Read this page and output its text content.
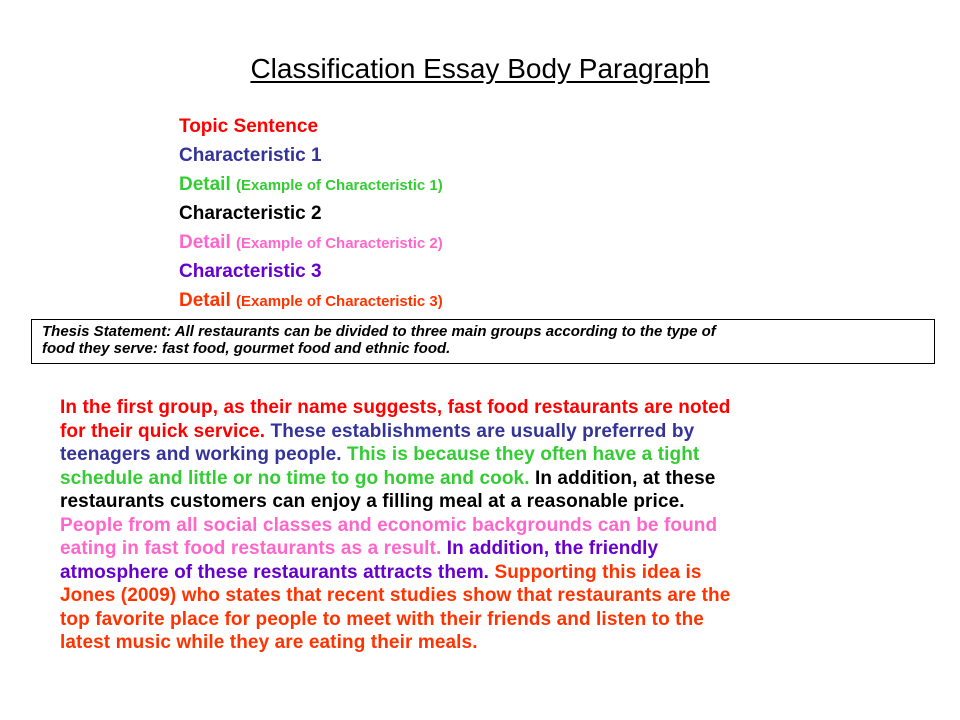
Classification Essay Body Paragraph
Topic Sentence
Characteristic 1
Detail (Example of Characteristic 1)
Characteristic 2
Detail (Example of Characteristic 2)
Characteristic 3
Detail (Example of Characteristic 3)
Thesis Statement: All restaurants can be divided to three main groups according to the type of
food they serve: fast food, gourmet food and ethnic food.
In the first group, as their name suggests, fast food restaurants are noted
for their quick service. These establishments are usually preferred by
teenagers and working people. This is because they often have a tight
schedule and little or no time to go home and cook. In addition, at these
restaurants customers can enjoy a filling meal at a reasonable price.
People from all social classes and economic backgrounds can be found
eating in fast food restaurants as a result. In addition, the friendly
atmosphere of these restaurants attracts them. Supporting this idea is
Jones (2009) who states that recent studies show that restaurants are the
top favorite place for people to meet with their friends and listen to the
latest music while they are eating their meals.
